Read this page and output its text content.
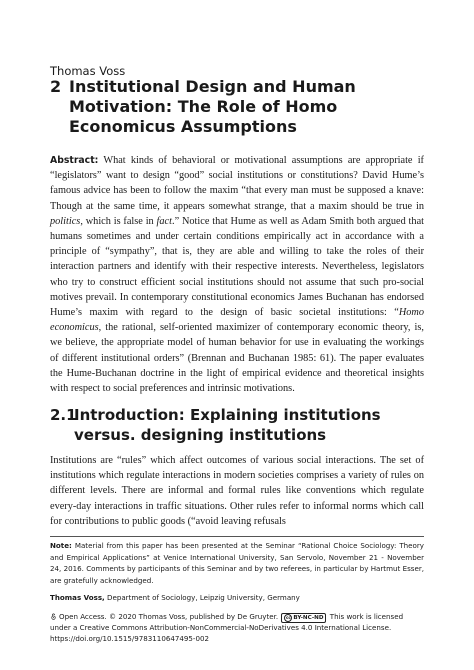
Thomas Voss
2 Institutional Design and Human Motivation: The Role of Homo Economicus Assumptions
Abstract: What kinds of behavioral or motivational assumptions are appropriate if “legislators” want to design “good” social institutions or constitutions? David Hume’s famous advice has been to follow the maxim “that every man must be supposed a knave: Though at the same time, it appears somewhat strange, that a maxim should be true in politics, which is false in fact.” Notice that Hume as well as Adam Smith both argued that humans sometimes and under certain conditions empirically act in accordance with a principle of “sympathy”, that is, they are able and willing to take the roles of their interaction partners and identify with their respective interests. Nevertheless, legislators who try to construct efficient social institutions should not assume that such pro-social motives prevail. In contemporary constitutional economics James Buchanan has endorsed Hume’s maxim with regard to the design of basic societal institutions: “Homo economicus, the rational, self-oriented maximizer of contemporary economic theory, is, we believe, the appropriate model of human behavior for use in evaluating the workings of different institutional orders” (Brennan and Buchanan 1985: 61). The paper evaluates the Hume-Buchanan doctrine in the light of empirical evidence and theoretical insights with respect to social preferences and intrinsic motivations.
2.1
Introduction: Explaining institutions versus. designing institutions
Institutions are “rules” which affect outcomes of various social interactions. The set of institutions which regulate interactions in modern societies comprises a variety of rules on different levels. There are informal and formal rules like conventions which regulate every-day interactions in traffic situations. Other rules refer to informal norms which call for contributions to public goods (“avoid leaving refusals
Note: Material from this paper has been presented at the Seminar “Rational Choice Sociology: Theory and Empirical Applications” at Venice International University, San Servolo, November 21 - November 24, 2016. Comments by participants of this Seminar and by two referees, in particular by Hartmut Esser, are gratefully acknowledged.
Thomas Voss, Department of Sociology, Leipzig University, Germany
Open Access. © 2020 Thomas Voss, published by De Gruyter. cc BY-NC-ND This work is licensed under a Creative Commons Attribution-NonCommercial-NoDerivatives 4.0 International License.
https://doi.org/10.1515/9783110647495-002
